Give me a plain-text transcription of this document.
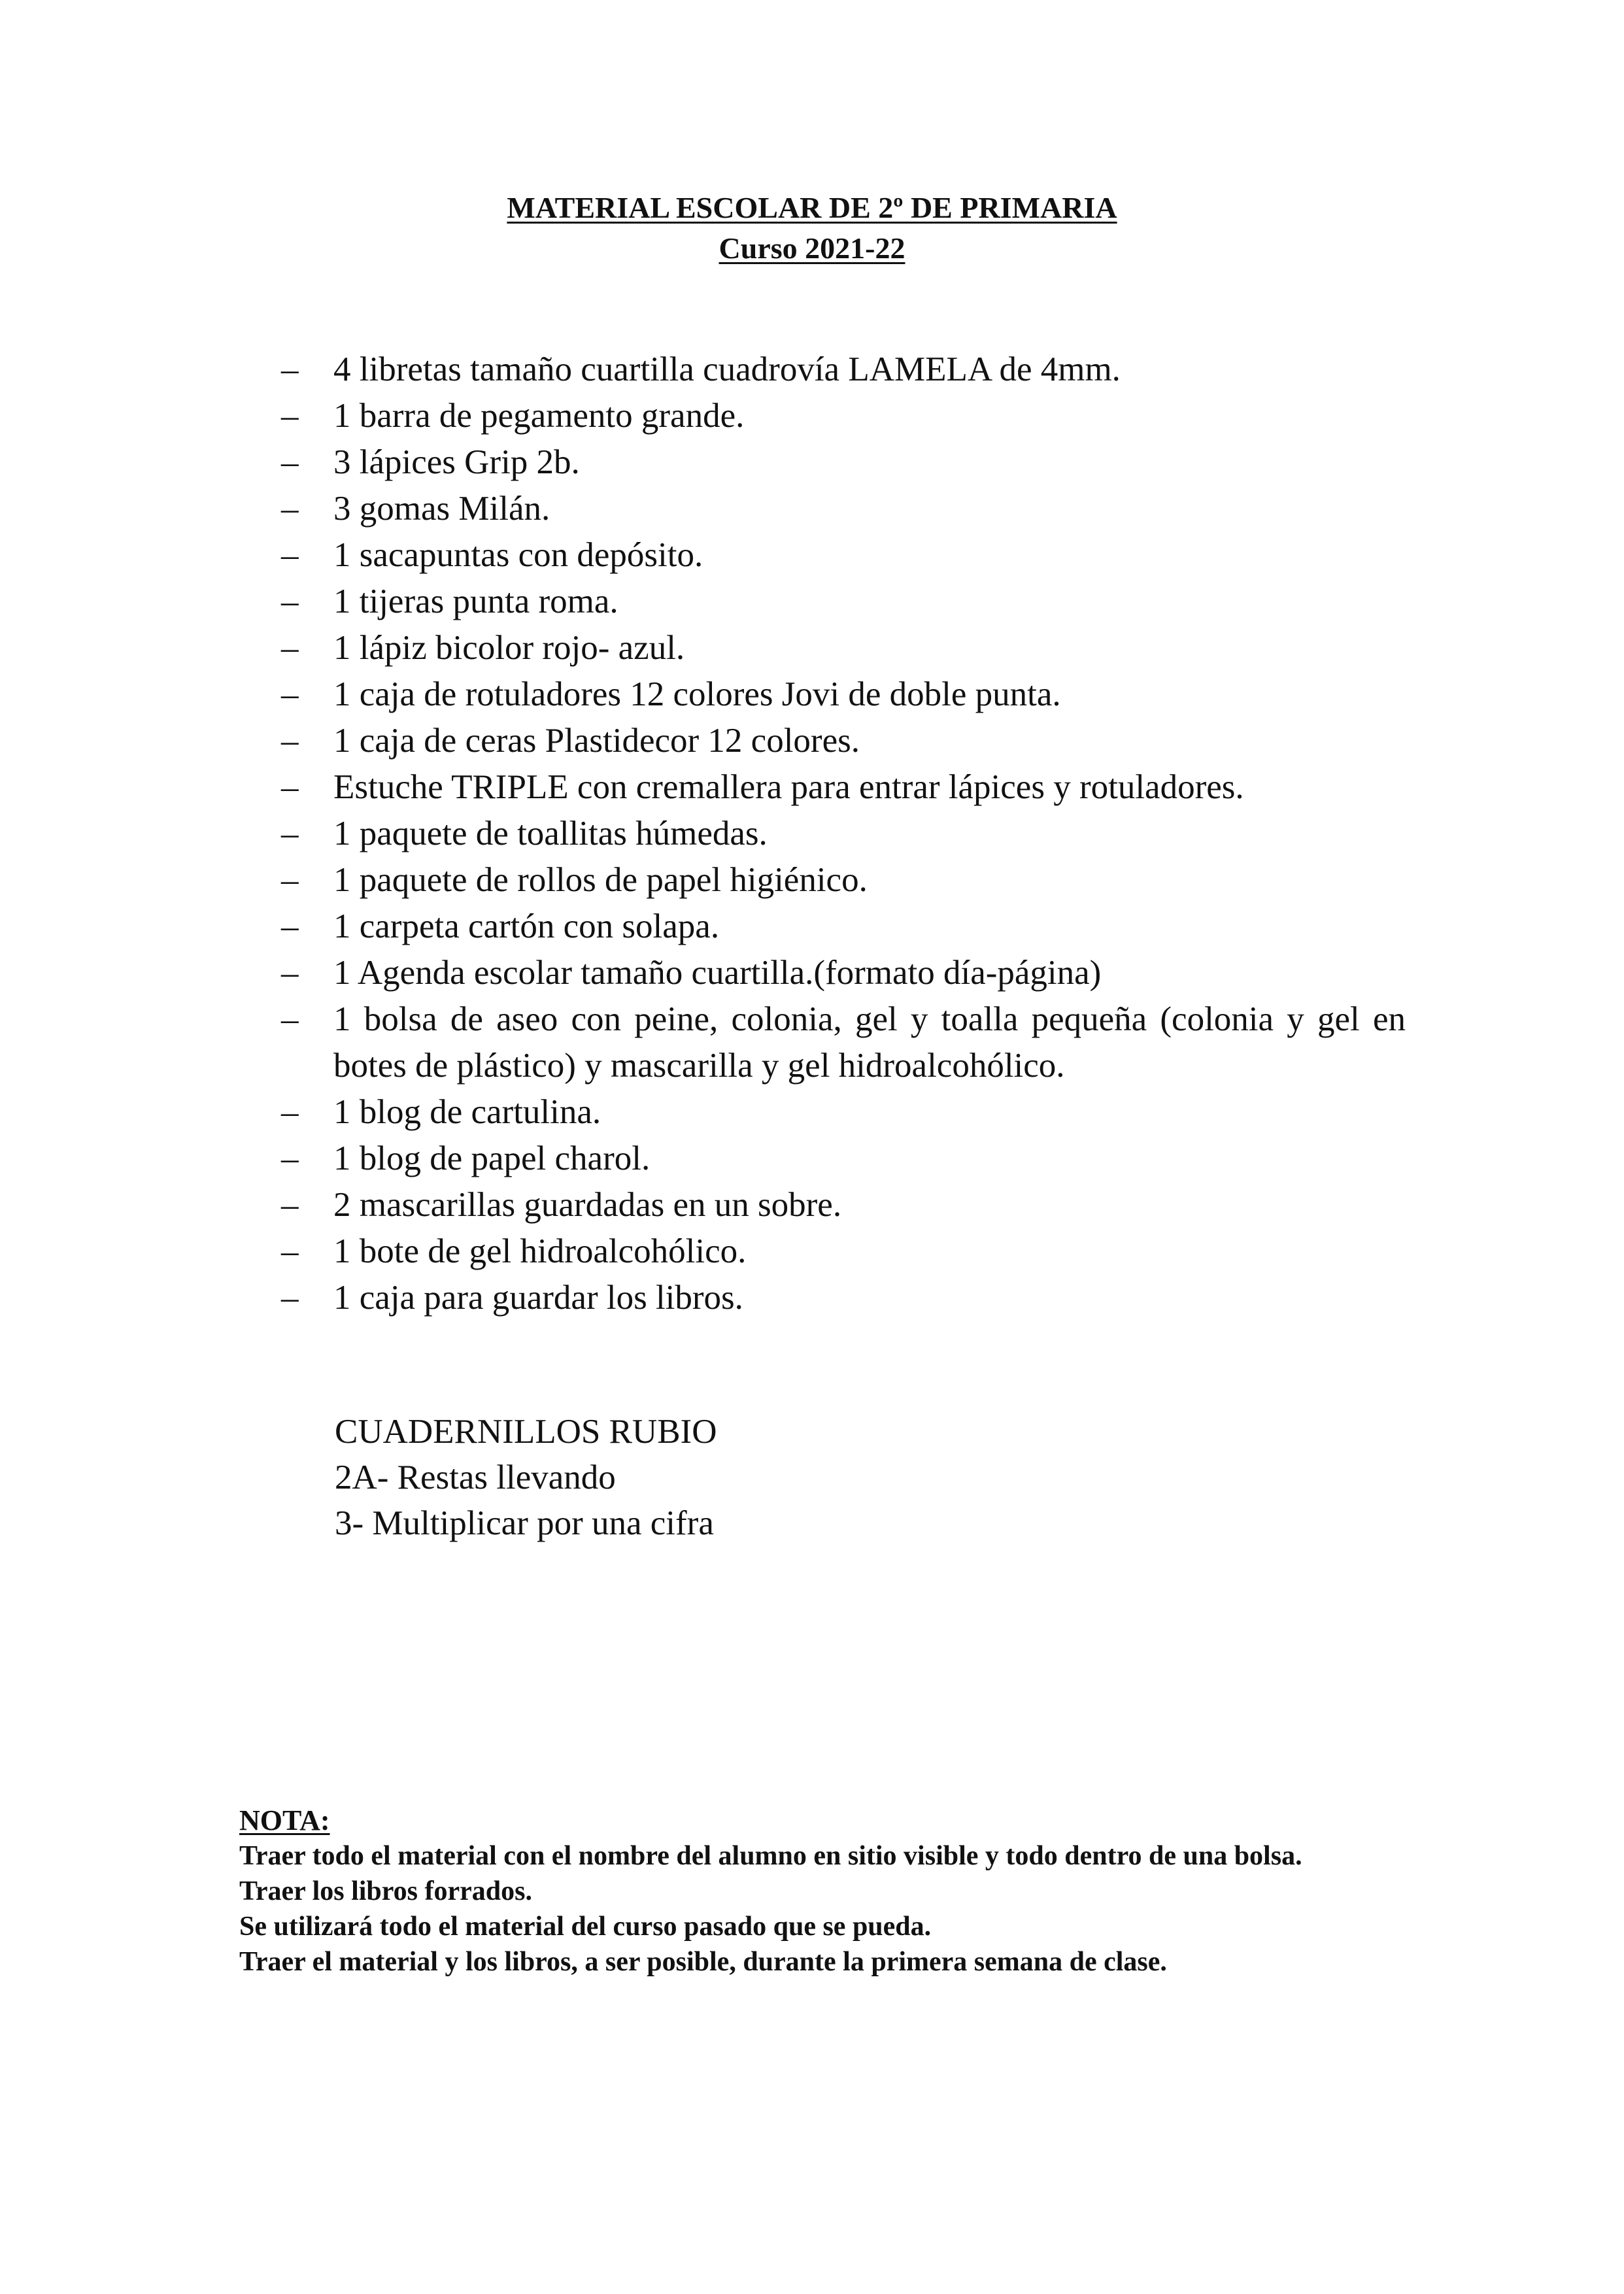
MATERIAL ESCOLAR DE 2º DE PRIMARIA
Curso 2021-22
– 4 libretas tamaño cuartilla cuadrovía LAMELA de 4mm.
– 1 barra de pegamento grande.
– 3 lápices Grip 2b.
– 3 gomas Milán.
– 1 sacapuntas con depósito.
– 1 tijeras punta roma.
– 1 lápiz bicolor rojo- azul.
– 1 caja de rotuladores 12 colores Jovi de doble punta.
– 1 caja de ceras Plastidecor 12 colores.
– Estuche TRIPLE con cremallera para entrar lápices y rotuladores.
– 1 paquete de toallitas húmedas.
– 1 paquete de rollos de papel higiénico.
– 1 carpeta cartón con solapa.
– 1 Agenda escolar tamaño cuartilla.(formato día-página)
– 1 bolsa de aseo con peine, colonia, gel y toalla pequeña (colonia y gel en botes de plástico) y mascarilla y gel hidroalcohólico.
– 1 blog de cartulina.
– 1 blog de papel charol.
– 2 mascarillas guardadas en un sobre.
– 1 bote de gel hidroalcohólico.
– 1 caja para guardar los libros.
CUADERNILLOS RUBIO
2A- Restas llevando
3- Multiplicar por una cifra
NOTA:
Traer todo el material con el nombre del alumno en sitio visible y todo dentro de una bolsa.
Traer los libros forrados.
Se utilizará todo el material del curso pasado que se pueda.
Traer el material y los libros, a ser posible, durante la primera semana de clase.
